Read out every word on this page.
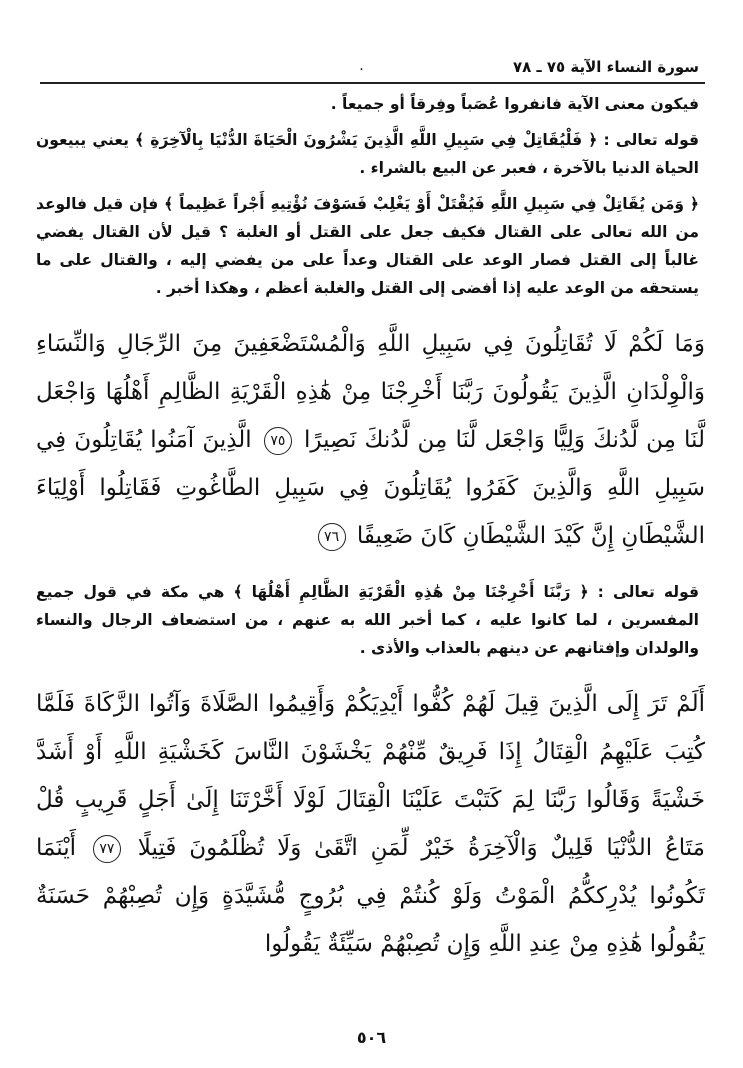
سورة النساء الآية ٧٥ ـ ٧٨
.

فيكون معنى الآية فانفروا عُصَباً وفِرقاً أو جميعاً .

قوله تعالى : ﴿ فَلْيُقَاتِلْ فِي سَبِيلِ اللَّهِ الَّذِينَ يَشْرُونَ الْحَيَاةَ الدُّنْيَا بِالْآخِرَةِ ﴾ يعني يبيعون الحياة الدنيا بالآخرة ، فعبر عن البيع بالشراء .

﴿ وَمَن يُقَاتِلْ فِي سَبِيلِ اللَّهِ فَيُقْتَلْ أَوْ يَغْلِبْ فَسَوْفَ نُؤْتِيهِ أَجْراً عَظِيماً ﴾ فإن قيل فالوعد من الله تعالى على القتال فكيف جعل على القتل أو الغلبة ؟ قيل لأن القتال يفضي غالباً إلى القتل فصار الوعد على القتال وعداً على من يفضي إليه ، والقتال على ما يستحقه من الوعد عليه إذا أفضى إلى القتل والغلبة أعظم ، وهكذا أخبر .

وَمَا لَكُمْ لَا تُقَاتِلُونَ فِي سَبِيلِ اللَّهِ وَالْمُسْتَضْعَفِينَ مِنَ الرِّجَالِ وَالنِّسَاءِ وَالْوِلْدَانِ الَّذِينَ يَقُولُونَ رَبَّنَا أَخْرِجْنَا مِنْ هَٰذِهِ الْقَرْيَةِ الظَّالِمِ أَهْلُهَا وَاجْعَل لَّنَا مِن لَّدُنكَ وَلِيًّا وَاجْعَل لَّنَا مِن لَّدُنكَ نَصِيرًا ٧٥ الَّذِينَ آمَنُوا يُقَاتِلُونَ فِي سَبِيلِ اللَّهِ وَالَّذِينَ كَفَرُوا يُقَاتِلُونَ فِي سَبِيلِ الطَّاغُوتِ فَقَاتِلُوا أَوْلِيَاءَ الشَّيْطَانِ إِنَّ كَيْدَ الشَّيْطَانِ كَانَ ضَعِيفًا ٧٦

قوله تعالى : ﴿ رَبَّنَا أَخْرِجْنَا مِنْ هَٰذِهِ الْقَرْيَةِ الظَّالِمِ أَهْلُهَا ﴾ هي مكة في قول جميع المفسرين ، لما كانوا عليه ، كما أخبر الله به عنهم ، من استضعاف الرجال والنساء والولدان وإفتانهم عن دينهم بالعذاب والأذى .

أَلَمْ تَرَ إِلَى الَّذِينَ قِيلَ لَهُمْ كُفُّوا أَيْدِيَكُمْ وَأَقِيمُوا الصَّلَاةَ وَآتُوا الزَّكَاةَ فَلَمَّا كُتِبَ عَلَيْهِمُ الْقِتَالُ إِذَا فَرِيقٌ مِّنْهُمْ يَخْشَوْنَ النَّاسَ كَخَشْيَةِ اللَّهِ أَوْ أَشَدَّ خَشْيَةً وَقَالُوا رَبَّنَا لِمَ كَتَبْتَ عَلَيْنَا الْقِتَالَ لَوْلَا أَخَّرْتَنَا إِلَىٰ أَجَلٍ قَرِيبٍ قُلْ مَتَاعُ الدُّنْيَا قَلِيلٌ وَالْآخِرَةُ خَيْرٌ لِّمَنِ اتَّقَىٰ وَلَا تُظْلَمُونَ فَتِيلًا ٧٧ أَيْنَمَا تَكُونُوا يُدْرِككُّمُ الْمَوْتُ وَلَوْ كُنتُمْ فِي بُرُوجٍ مُّشَيَّدَةٍ وَإِن تُصِبْهُمْ حَسَنَةٌ يَقُولُوا هَٰذِهِ مِنْ عِندِ اللَّهِ وَإِن تُصِبْهُمْ سَيِّئَةٌ يَقُولُوا

٥٠٦
